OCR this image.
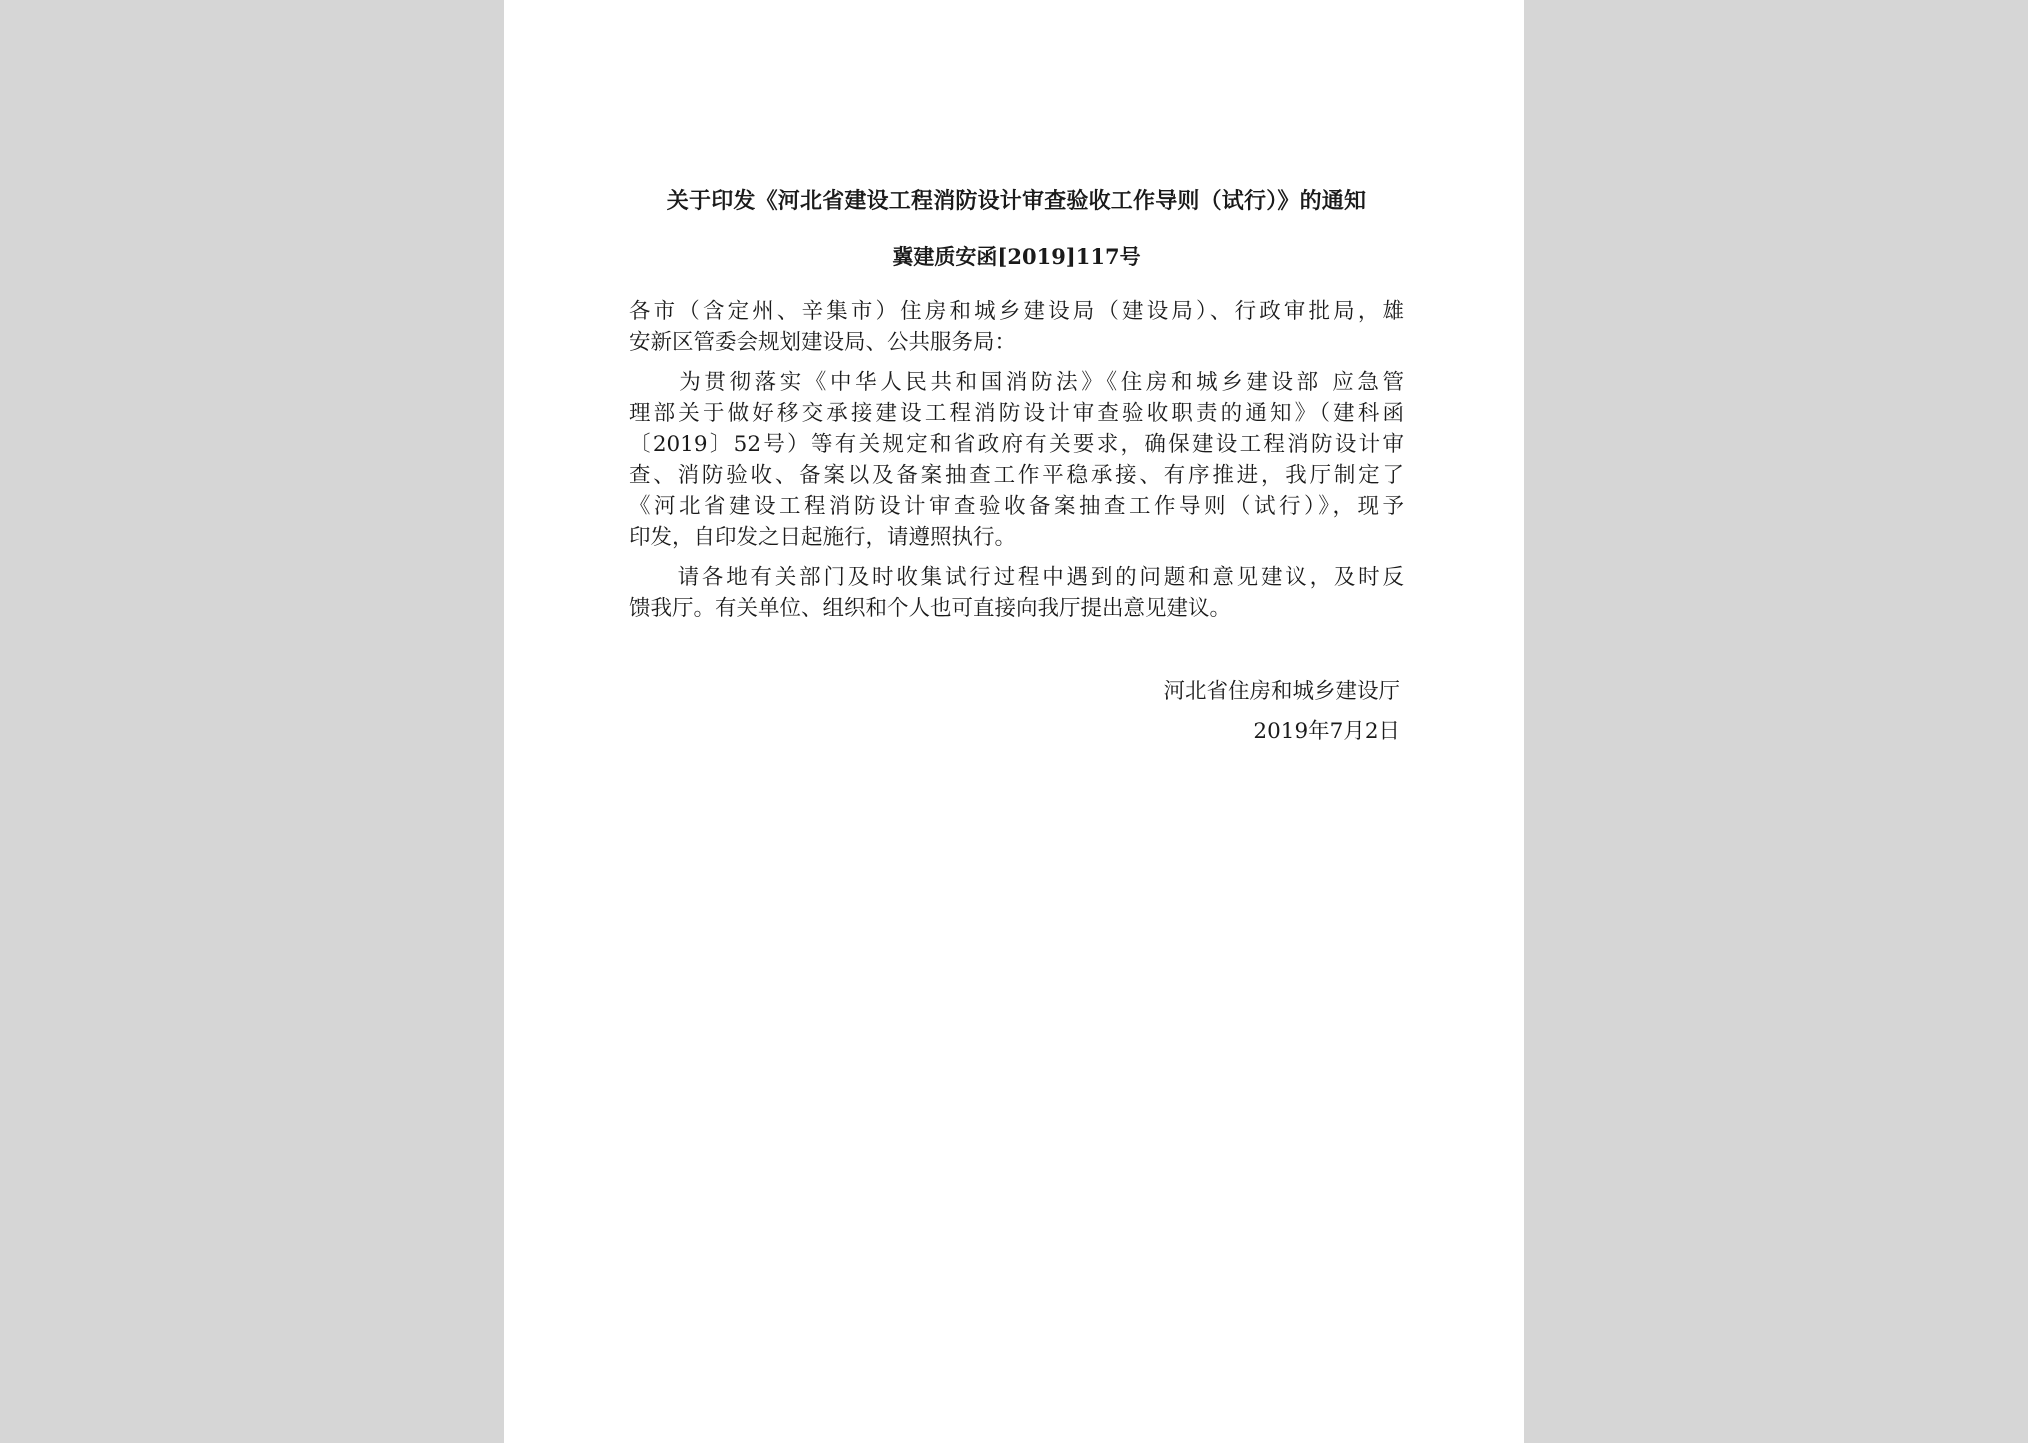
关于印发《河北省建设工程消防设计审查验收工作导则（试行）》的通知
冀建质安函[2019]117号
各市（含定州、辛集市）住房和城乡建设局（建设局）、行政审批局，雄
安新区管委会规划建设局、公共服务局：
　　为贯彻落实《中华人民共和国消防法》《住房和城乡建设部 应急管
理部关于做好移交承接建设工程消防设计审查验收职责的通知》（建科函
〔2019〕52号）等有关规定和省政府有关要求，确保建设工程消防设计审
查、消防验收、备案以及备案抽查工作平稳承接、有序推进，我厅制定了
《河北省建设工程消防设计审查验收备案抽查工作导则（试行）》，现予
印发，自印发之日起施行，请遵照执行。
　　请各地有关部门及时收集试行过程中遇到的问题和意见建议，及时反
馈我厅。有关单位、组织和个人也可直接向我厅提出意见建议。
河北省住房和城乡建设厅
2019年7月2日
